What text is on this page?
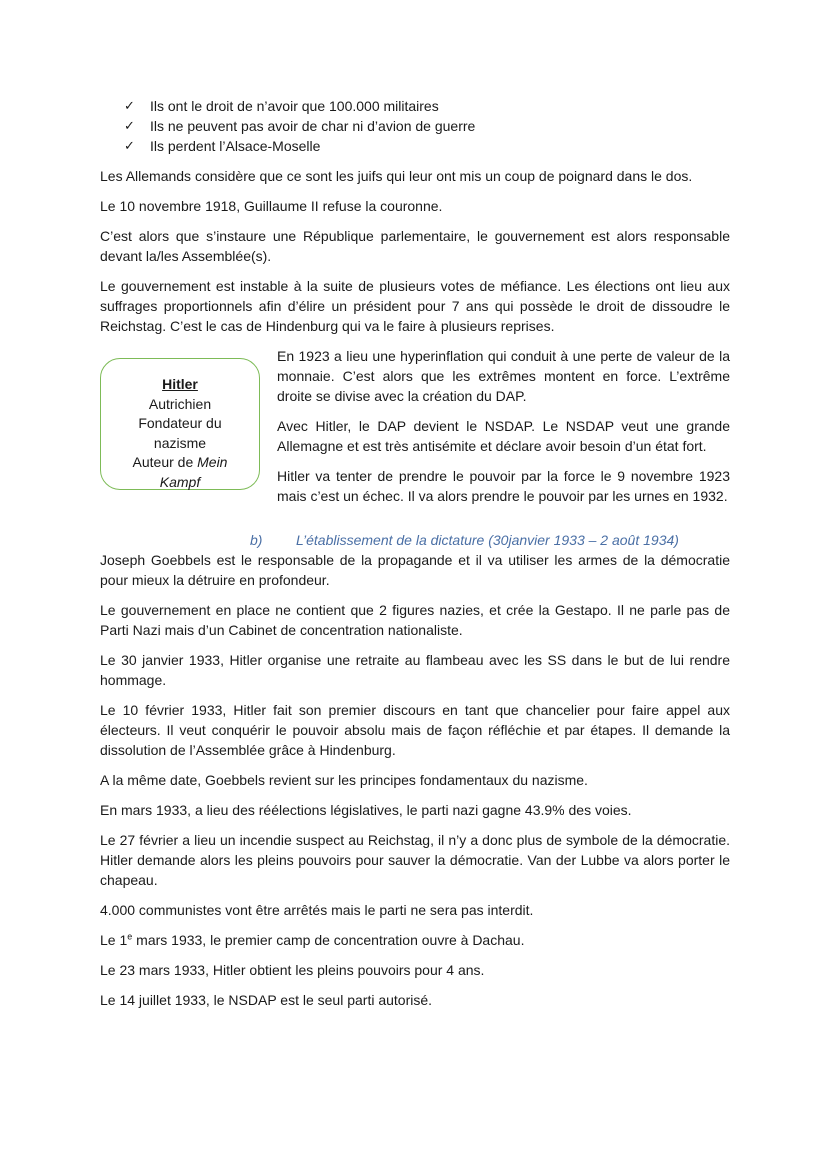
✓ Ils ont le droit de n’avoir que 100.000 militaires
✓ Ils ne peuvent pas avoir de char ni d’avion de guerre
✓ Ils perdent l’Alsace-Moselle

Les Allemands considère que ce sont les juifs qui leur ont mis un coup de poignard dans le dos.

Le 10 novembre 1918, Guillaume II refuse la couronne.

C’est alors que s’instaure une République parlementaire, le gouvernement est alors responsable devant la/les Assemblée(s).

Le gouvernement est instable à la suite de plusieurs votes de méfiance. Les élections ont lieu aux suffrages proportionnels afin d’élire un président pour 7 ans qui possède le droit de dissoudre le Reichstag. C’est le cas de Hindenburg qui va le faire à plusieurs reprises.

Hitler
Autrichien
Fondateur du
nazisme
Auteur de Mein
Kampf

En 1923 a lieu une hyperinflation qui conduit à une perte de valeur de la monnaie. C’est alors que les extrêmes montent en force. L’extrême droite se divise avec la création du DAP.

Avec Hitler, le DAP devient le NSDAP. Le NSDAP veut une grande Allemagne et est très antisémite et déclare avoir besoin d’un état fort.

Hitler va tenter de prendre le pouvoir par la force le 9 novembre 1923 mais c’est un échec. Il va alors prendre le pouvoir par les urnes en 1932.

b) L’établissement de la dictature (30janvier 1933 – 2 août 1934)

Joseph Goebbels est le responsable de la propagande et il va utiliser les armes de la démocratie pour mieux la détruire en profondeur.

Le gouvernement en place ne contient que 2 figures nazies, et crée la Gestapo. Il ne parle pas de Parti Nazi mais d’un Cabinet de concentration nationaliste.

Le 30 janvier 1933, Hitler organise une retraite au flambeau avec les SS dans le but de lui rendre hommage.

Le 10 février 1933, Hitler fait son premier discours en tant que chancelier pour faire appel aux électeurs. Il veut conquérir le pouvoir absolu mais de façon réfléchie et par étapes. Il demande la dissolution de l’Assemblée grâce à Hindenburg.

A la même date, Goebbels revient sur les principes fondamentaux du nazisme.

En mars 1933, a lieu des réélections législatives, le parti nazi gagne 43.9% des voies.

Le 27 février a lieu un incendie suspect au Reichstag, il n’y a donc plus de symbole de la démocratie. Hitler demande alors les pleins pouvoirs pour sauver la démocratie. Van der Lubbe va alors porter le chapeau.

4.000 communistes vont être arrêtés mais le parti ne sera pas interdit.

Le 1e mars 1933, le premier camp de concentration ouvre à Dachau.

Le 23 mars 1933, Hitler obtient les pleins pouvoirs pour 4 ans.

Le 14 juillet 1933, le NSDAP est le seul parti autorisé.
